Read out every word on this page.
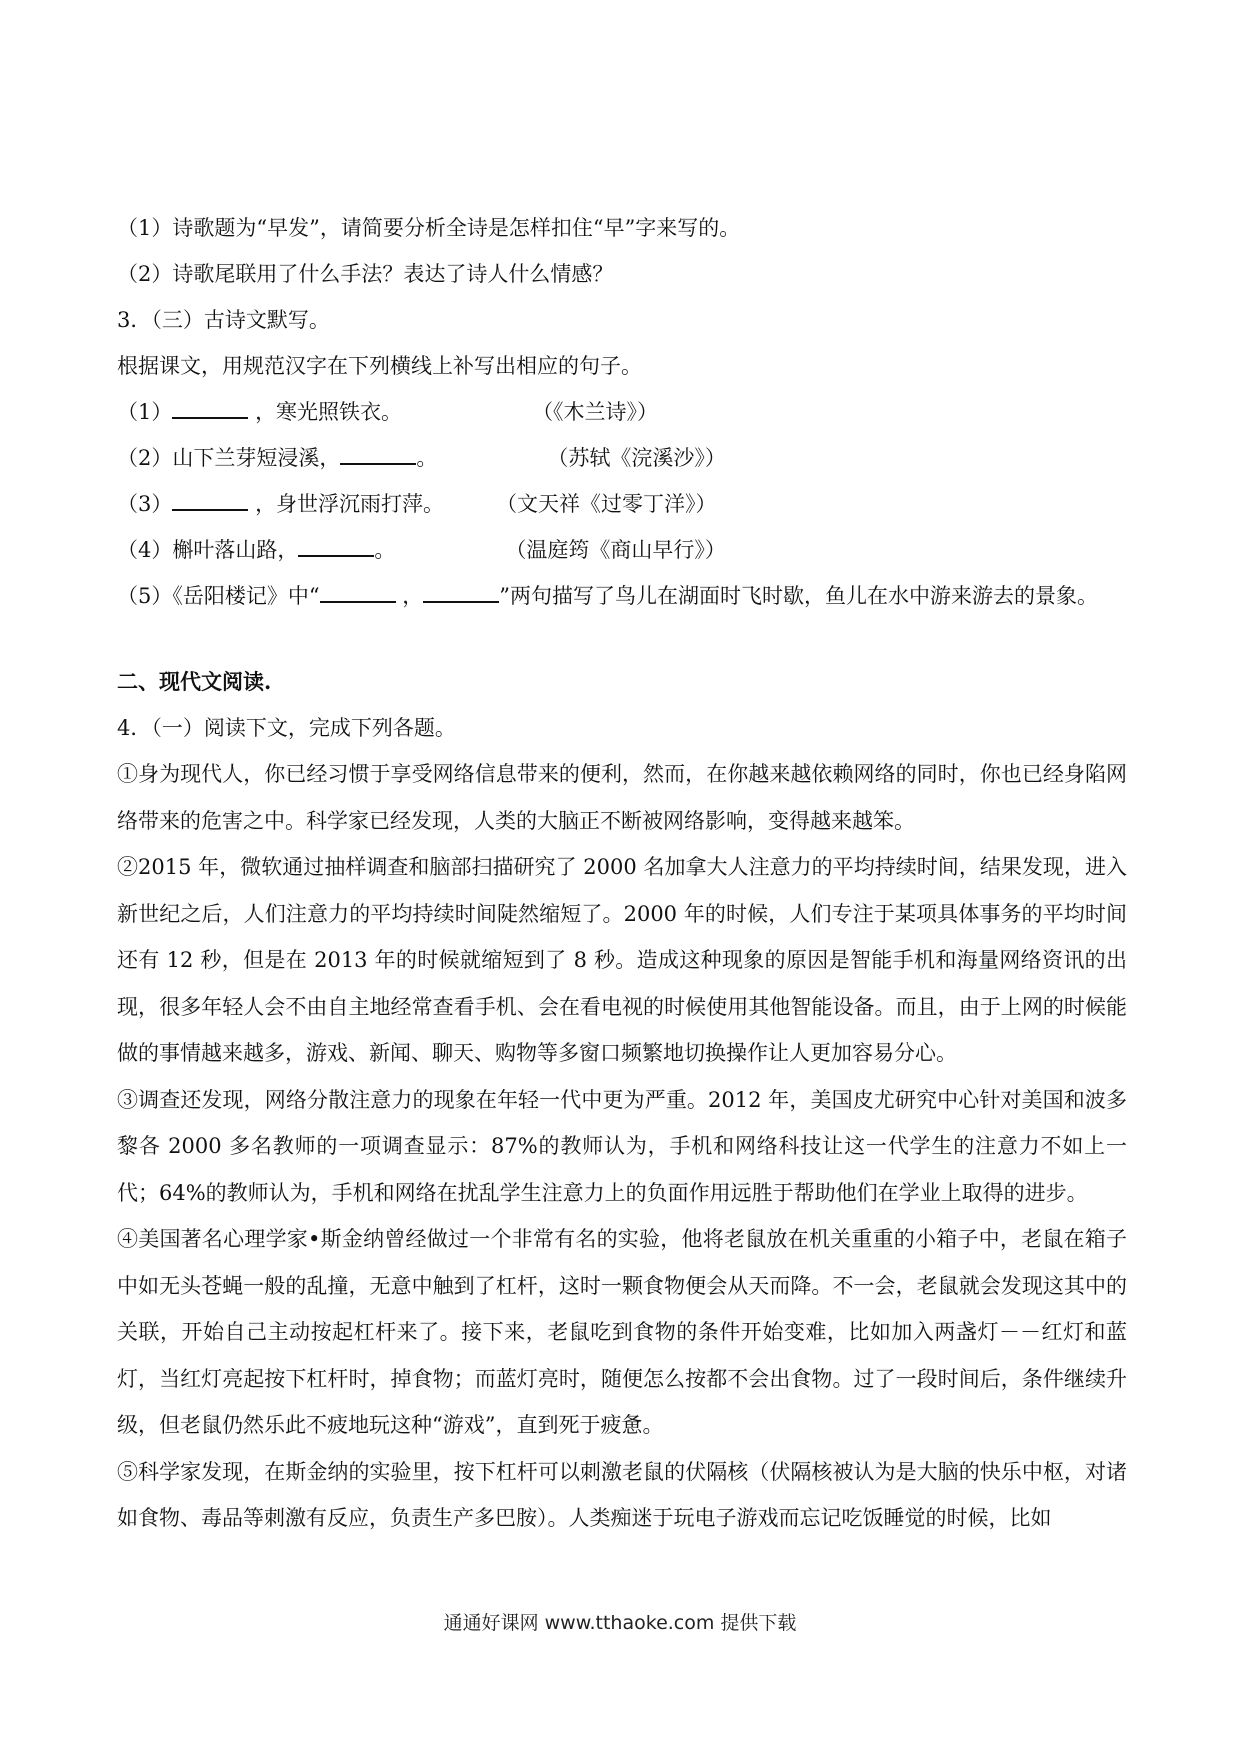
（1）诗歌题为“早发”，请简要分析全诗是怎样扣住“早”字来写的。
（2）诗歌尾联用了什么手法？表达了诗人什么情感？
3．（三）古诗文默写。
根据课文，用规范汉字在下列横线上补写出相应的句子。
（1）	，寒光照铁衣。	（《木兰诗》）
（2）山下兰芽短浸溪，	。	（苏轼《浣溪沙》）
（3）	，身世浮沉雨打萍。 （文天祥《过零丁洋》）
（4）槲叶落山路，	。	（温庭筠《商山早行》）
（5）《岳阳楼记》中“	，	”两句描写了鸟儿在湖面时飞时歇，鱼儿在水中游来游去的景象。
二、现代文阅读.
4．（一）阅读下文，完成下列各题。
①身为现代人，你已经习惯于享受网络信息带来的便利，然而，在你越来越依赖网络的同时，你也已经身陷网络带来的危害之中。科学家已经发现，人类的大脑正不断被网络影响，变得越来越笨。
②2015 年，微软通过抽样调查和脑部扫描研究了 2000 名加拿大人注意力的平均持续时间，结果发现，进入新世纪之后，人们注意力的平均持续时间陡然缩短了。2000 年的时候，人们专注于某项具体事务的平均时间还有 12 秒，但是在 2013 年的时候就缩短到了 8 秒。造成这种现象的原因是智能手机和海量网络资讯的出现，很多年轻人会不由自主地经常查看手机、会在看电视的时候使用其他智能设备。而且，由于上网的时候能做的事情越来越多，游戏、新闻、聊天、购物等多窗口频繁地切换操作让人更加容易分心。
③调查还发现，网络分散注意力的现象在年轻一代中更为严重。2012 年，美国皮尤研究中心针对美国和波多黎各 2000 多名教师的一项调查显示：87%的教师认为，手机和网络科技让这一代学生的注意力不如上一代；64%的教师认为，手机和网络在扰乱学生注意力上的负面作用远胜于帮助他们在学业上取得的进步。
④美国著名心理学家•斯金纳曾经做过一个非常有名的实验，他将老鼠放在机关重重的小箱子中，老鼠在箱子中如无头苍蝇一般的乱撞，无意中触到了杠杆，这时一颗食物便会从天而降。不一会，老鼠就会发现这其中的关联，开始自己主动按起杠杆来了。接下来，老鼠吃到食物的条件开始变难，比如加入两盏灯－－红灯和蓝灯，当红灯亮起按下杠杆时，掉食物；而蓝灯亮时，随便怎么按都不会出食物。过了一段时间后，条件继续升级，但老鼠仍然乐此不疲地玩这种“游戏”，直到死于疲惫。
⑤科学家发现，在斯金纳的实验里，按下杠杆可以刺激老鼠的伏隔核（伏隔核被认为是大脑的快乐中枢，对诸如食物、毒品等刺激有反应，负责生产多巴胺）。人类痴迷于玩电子游戏而忘记吃饭睡觉的时候，比如
通通好课网 www.tthaoke.com 提供下载
